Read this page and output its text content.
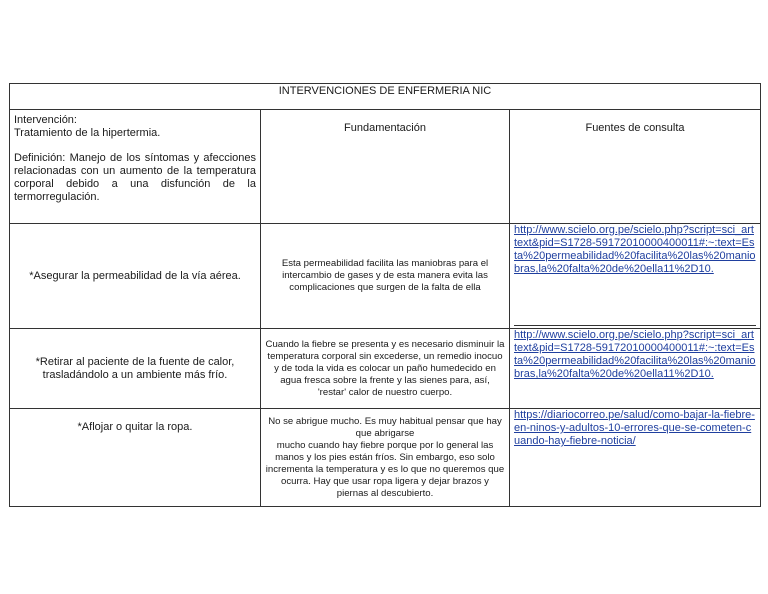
INTERVENCIONES DE ENFERMERIA NIC		

Intervención:
Tratamiento de la hipertermia.
Definición: Manejo de los síntomas y afecciones relacionadas con un aumento de la temperatura corporal debido a una disfunción de la termorregulación.	Fundamentación	Fuentes de consulta
*Asegurar la permeabilidad de la vía aérea.	Esta permeabilidad facilita las maniobras para el intercambio de gases y de esta manera evita las complicaciones que surgen de la falta de ella	http://www.scielo.org.pe/scielo.php?script=sci_arttext&pid=S1728-59172010000400011#:~:text=Esta%20permeabilidad%20facilita%20las%20maniobras,la%20falta%20de%20ella11%2D10.

*Retirar al paciente de la fuente de calor, trasladándolo a un ambiente más frío.	Cuando la fiebre se presenta y es necesario disminuir la temperatura corporal sin excederse, un remedio inocuo y de toda la vida es colocar un paño humedecido en agua fresca sobre la frente y las sienes para, así, 'restar' calor de nuestro cuerpo.	http://www.scielo.org.pe/scielo.php?script=sci_arttext&pid=S1728-59172010000400011#:~:text=Esta%20permeabilidad%20facilita%20las%20maniobras,la%20falta%20de%20ella11%2D10.

*Aflojar o quitar la ropa.	No se abrigue mucho. Es muy habitual pensar que hay que abrigarse
mucho cuando hay fiebre porque por lo general las manos y los pies están fríos. Sin embargo, eso solo incrementa la temperatura y es lo que no queremos que ocurra. Hay que usar ropa ligera y dejar brazos y piernas al descubierto.	https://diariocorreo.pe/salud/como-bajar-la-fiebre-en-ninos-y-adultos-10-errores-que-se-cometen-cuando-hay-fiebre-noticia/
